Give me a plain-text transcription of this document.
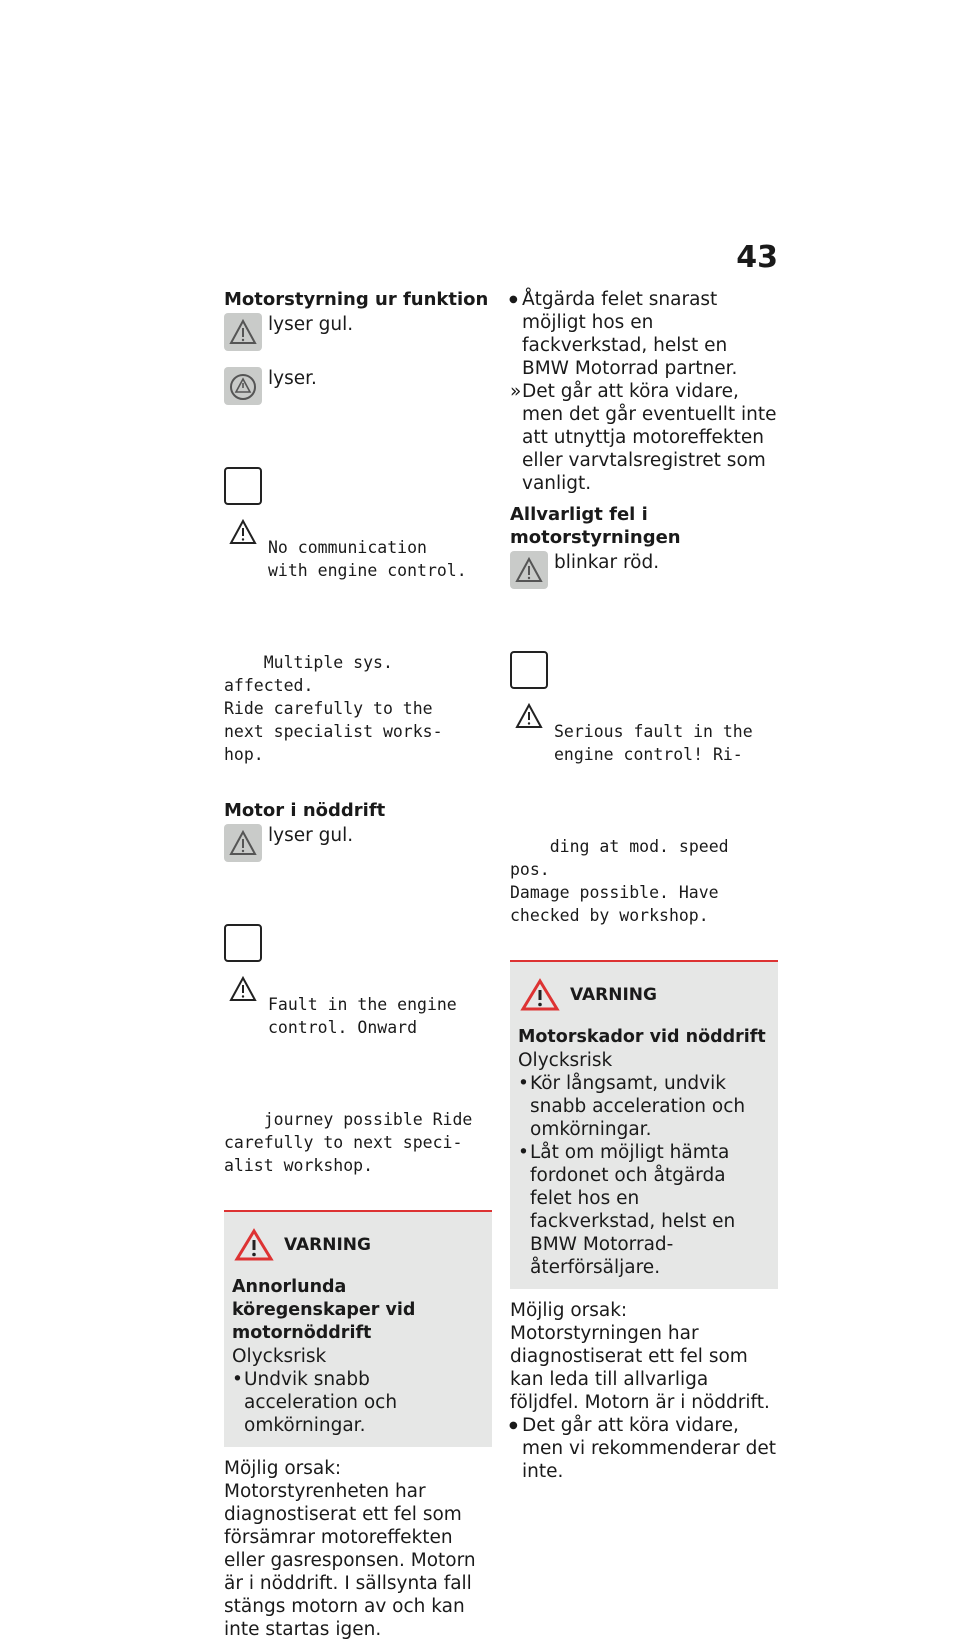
43

Motorstyrning ur funktion

lyser gul.
lyser.

No communication
with engine control.

Multiple sys. affected.
Ride carefully to the
next specialist works-
hop.

Motor i nöddrift

lyser gul.

Fault in the engine
control. Onward

journey possible Ride
carefully to next speci-
alist workshop.

VARNING

Annorlunda köregenskaper vid motornöddrift

Olycksrisk

• Undvik snabb acceleration och omkörningar.

Möjlig orsak:

Motorstyrenheten har diagnostiserat ett fel som försämrar motoreffekten eller gasresponsen. Motorn är i nöddrift. I sällsynta fall stängs motorn av och kan inte startas igen.

● Åtgärda felet snarast möjligt hos en fackverkstad, helst en BMW Motorrad partner.

» Det går att köra vidare, men det går eventuellt inte att utnyttja motoreffekten eller varvtalsregistret som vanligt.

Allvarligt fel i motorstyrningen

blinkar röd.

Serious fault in the
engine control! Ri-

ding at mod. speed pos.
Damage possible. Have
checked by workshop.

VARNING

Motorskador vid nöddrift

Olycksrisk

• Kör långsamt, undvik snabb acceleration och omkörningar.

• Låt om möjligt hämta fordonet och åtgärda felet hos en fackverkstad, helst en BMW Motorrad-återförsäljare.

Möjlig orsak:

Motorstyrningen har diagnostiserat ett fel som kan leda till allvarliga följdfel. Motorn är i nöddrift.

● Det går att köra vidare, men vi rekommenderar det inte.
